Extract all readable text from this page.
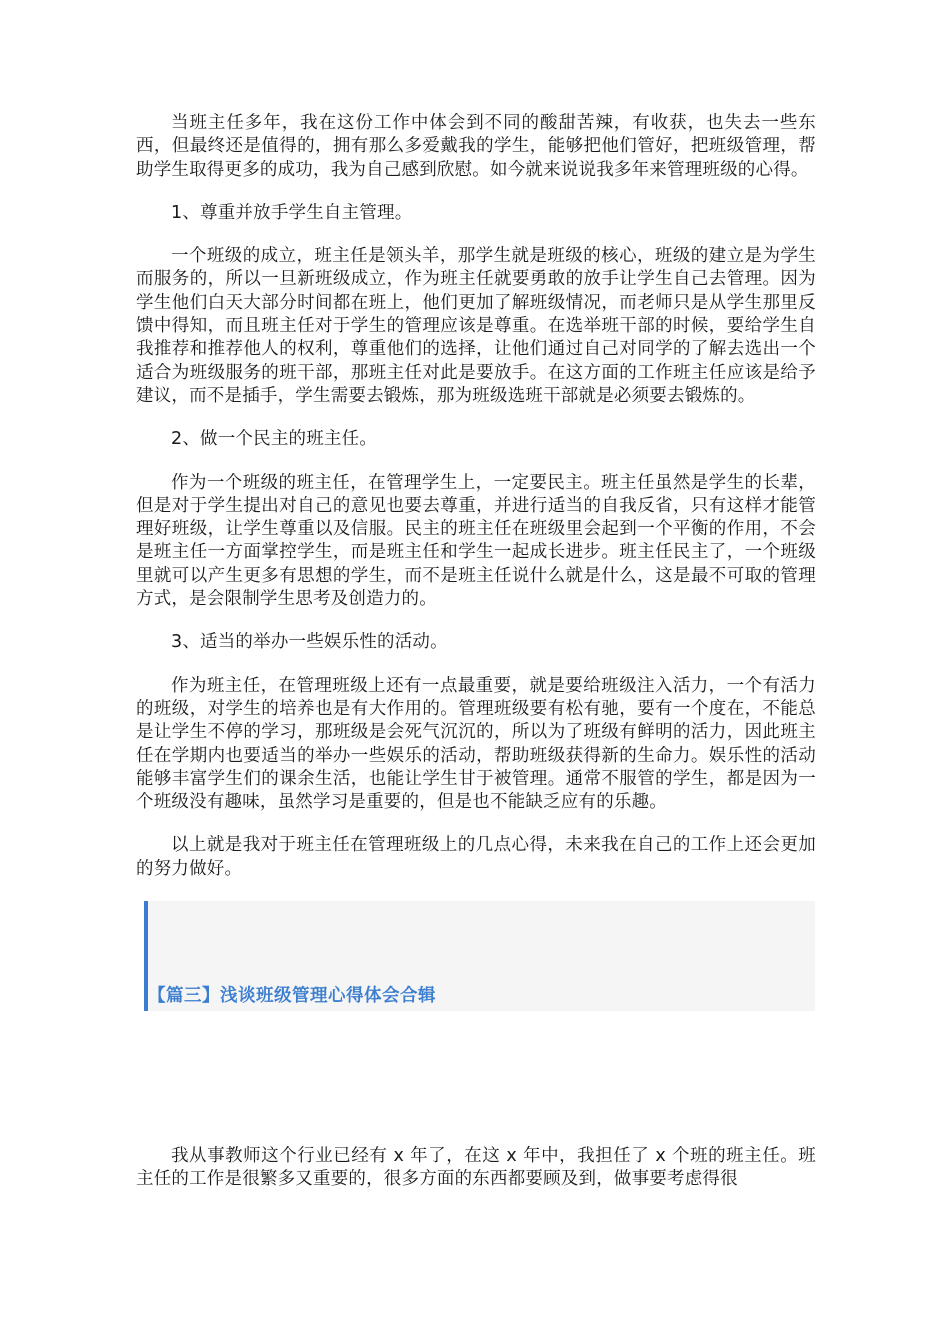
当班主任多年，我在这份工作中体会到不同的酸甜苦辣，有收获，也失去一些东西，但最终还是值得的，拥有那么多爱戴我的学生，能够把他们管好，把班级管理，帮助学生取得更多的成功，我为自己感到欣慰。如今就来说说我多年来管理班级的心得。

1、尊重并放手学生自主管理。

一个班级的成立，班主任是领头羊，那学生就是班级的核心，班级的建立是为学生而服务的，所以一旦新班级成立，作为班主任就要勇敢的放手让学生自己去管理。因为学生他们白天大部分时间都在班上，他们更加了解班级情况，而老师只是从学生那里反馈中得知，而且班主任对于学生的管理应该是尊重。在选举班干部的时候，要给学生自我推荐和推荐他人的权利，尊重他们的选择，让他们通过自己对同学的了解去选出一个适合为班级服务的班干部，那班主任对此是要放手。在这方面的工作班主任应该是给予建议，而不是插手，学生需要去锻炼，那为班级选班干部就是必须要去锻炼的。

2、做一个民主的班主任。

作为一个班级的班主任，在管理学生上，一定要民主。班主任虽然是学生的长辈，但是对于学生提出对自己的意见也要去尊重，并进行适当的自我反省，只有这样才能管理好班级，让学生尊重以及信服。民主的班主任在班级里会起到一个平衡的作用，不会是班主任一方面掌控学生，而是班主任和学生一起成长进步。班主任民主了，一个班级里就可以产生更多有思想的学生，而不是班主任说什么就是什么，这是最不可取的管理方式，是会限制学生思考及创造力的。

3、适当的举办一些娱乐性的活动。

作为班主任，在管理班级上还有一点最重要，就是要给班级注入活力，一个有活力的班级，对学生的培养也是有大作用的。管理班级要有松有驰，要有一个度在，不能总是让学生不停的学习，那班级是会死气沉沉的，所以为了班级有鲜明的活力，因此班主任在学期内也要适当的举办一些娱乐的活动，帮助班级获得新的生命力。娱乐性的活动能够丰富学生们的课余生活，也能让学生甘于被管理。通常不服管的学生，都是因为一个班级没有趣味，虽然学习是重要的，但是也不能缺乏应有的乐趣。

以上就是我对于班主任在管理班级上的几点心得，未来我在自己的工作上还会更加的努力做好。

【篇三】浅谈班级管理心得体会合辑

我从事教师这个行业已经有 x 年了，在这 x 年中，我担任了 x 个班的班主任。班主任的工作是很繁多又重要的，很多方面的东西都要顾及到，做事要考虑得很
